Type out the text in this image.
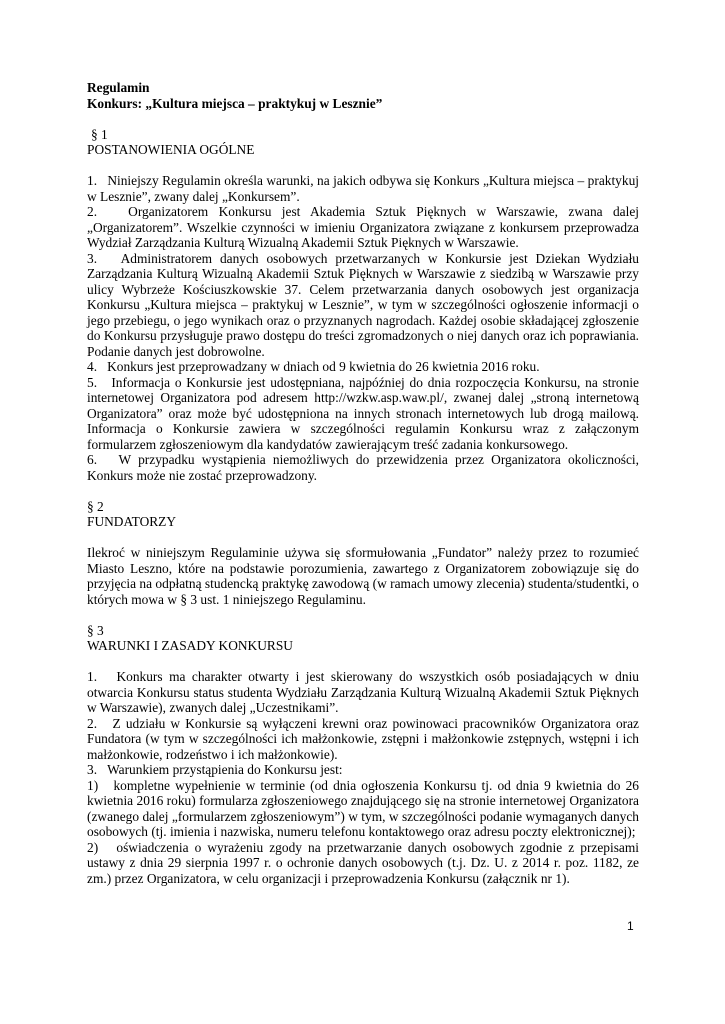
Regulamin

Konkurs: „Kultura miejsca – praktykuj w Lesznie”

§ 1

POSTANOWIENIA OGÓLNE

1.   Niniejszy Regulamin określa warunki, na jakich odbywa się Konkurs „Kultura miejsca – praktykuj w Lesznie”, zwany dalej „Konkursem”.

2.   Organizatorem Konkursu jest Akademia Sztuk Pięknych w Warszawie, zwana dalej „Organizatorem”. Wszelkie czynności w imieniu Organizatora związane z konkursem przeprowadza Wydział Zarządzania Kulturą Wizualną Akademii Sztuk Pięknych w Warszawie.

3.   Administratorem danych osobowych przetwarzanych w Konkursie jest Dziekan Wydziału Zarządzania Kulturą Wizualną Akademii Sztuk Pięknych w Warszawie z siedzibą w Warszawie przy ulicy Wybrzeże Kościuszkowskie 37. Celem przetwarzania danych osobowych jest organizacja Konkursu „Kultura miejsca – praktykuj w Lesznie”, w tym w szczególności ogłoszenie informacji o jego przebiegu, o jego wynikach oraz o przyznanych nagrodach. Każdej osobie składającej zgłoszenie do Konkursu przysługuje prawo dostępu do treści zgromadzonych o niej danych oraz ich poprawiania. Podanie danych jest dobrowolne.

4.   Konkurs jest przeprowadzany w dniach od 9 kwietnia do 26 kwietnia 2016 roku.

5.   Informacja o Konkursie jest udostępniana, najpóźniej do dnia rozpoczęcia Konkursu, na stronie internetowej Organizatora pod adresem http://wzkw.asp.waw.pl/, zwanej dalej „stroną internetową Organizatora” oraz może być udostępniona na innych stronach internetowych lub drogą mailową. Informacja o Konkursie zawiera w szczególności regulamin Konkursu wraz z załączonym formularzem zgłoszeniowym dla kandydatów zawierającym treść zadania konkursowego.

6.   W przypadku wystąpienia niemożliwych do przewidzenia przez Organizatora okoliczności, Konkurs może nie zostać przeprowadzony.

§ 2

FUNDATORZY

Ilekroć w niniejszym Regulaminie używa się sformułowania „Fundator” należy przez to rozumieć Miasto Leszno, które na podstawie porozumienia, zawartego z Organizatorem zobowiązuje się do przyjęcia na odpłatną studencką praktykę zawodową (w ramach umowy zlecenia) studenta/studentki, o których mowa w § 3 ust. 1 niniejszego Regulaminu.

§ 3

WARUNKI I ZASADY KONKURSU

1.   Konkurs ma charakter otwarty i jest skierowany do wszystkich osób posiadających w dniu otwarcia Konkursu status studenta Wydziału Zarządzania Kulturą Wizualną Akademii Sztuk Pięknych w Warszawie), zwanych dalej „Uczestnikami”.

2.   Z udziału w Konkursie są wyłączeni krewni oraz powinowaci pracowników Organizatora oraz Fundatora (w tym w szczególności ich małżonkowie, zstępni i małżonkowie zstępnych, wstępni i ich małżonkowie, rodzeństwo i ich małżonkowie).

3.   Warunkiem przystąpienia do Konkursu jest:

1)   kompletne wypełnienie w terminie (od dnia ogłoszenia Konkursu tj. od dnia 9 kwietnia do 26 kwietnia 2016 roku) formularza zgłoszeniowego znajdującego się na stronie internetowej Organizatora (zwanego dalej „formularzem zgłoszeniowym”) w tym, w szczególności podanie wymaganych danych osobowych (tj. imienia i nazwiska, numeru telefonu kontaktowego oraz adresu poczty elektronicznej);

2)   oświadczenia o wyrażeniu zgody na przetwarzanie danych osobowych zgodnie z przepisami ustawy z dnia 29 sierpnia 1997 r. o ochronie danych osobowych (t.j. Dz. U. z 2014 r. poz. 1182, ze zm.) przez Organizatora, w celu organizacji i przeprowadzenia Konkursu (załącznik nr 1).

1
